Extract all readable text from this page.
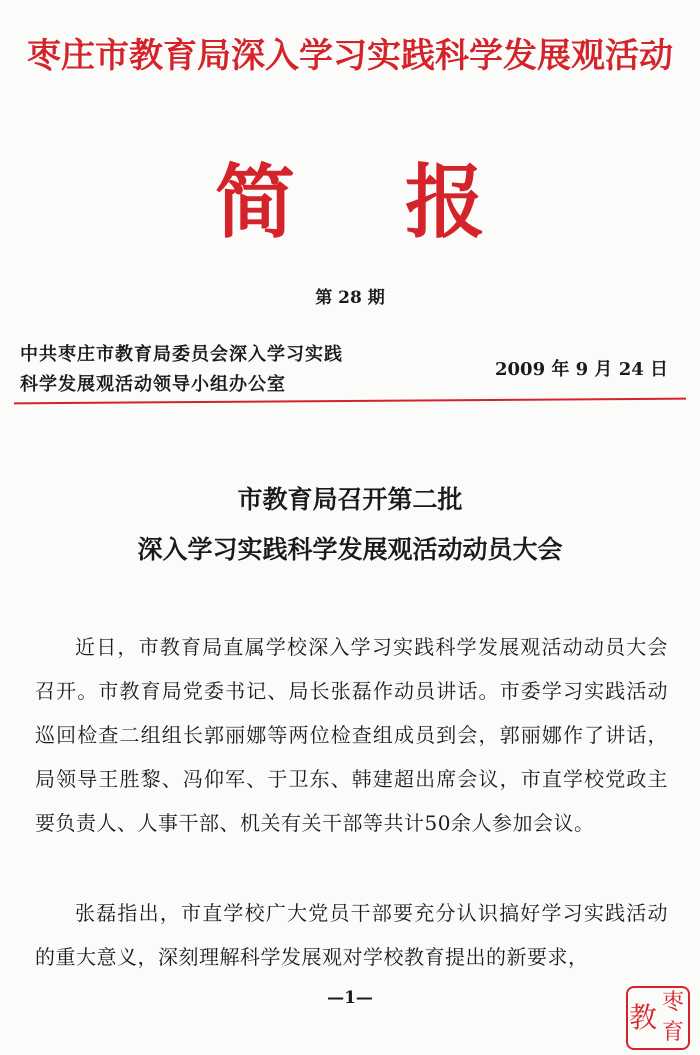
枣庄市教育局深入学习实践科学发展观活动
简报
第 28 期
中共枣庄市教育局委员会深入学习实践
科学发展观活动领导小组办公室
2009 年 9 月 24 日
市教育局召开第二批
深入学习实践科学发展观活动动员大会
近日，市教育局直属学校深入学习实践科学发展观活动动员大会召开。市教育局党委书记、局长张磊作动员讲话。市委学习实践活动巡回检查二组组长郭丽娜等两位检查组成员到会，郭丽娜作了讲话，局领导王胜黎、冯仰军、于卫东、韩建超出席会议，市直学校党政主要负责人、人事干部、机关有关干部等共计50余人参加会议。
张磊指出，市直学校广大党员干部要充分认识搞好学习实践活动的重大意义，深刻理解科学发展观对学校教育提出的新要求，
—1—
教 枣
育
